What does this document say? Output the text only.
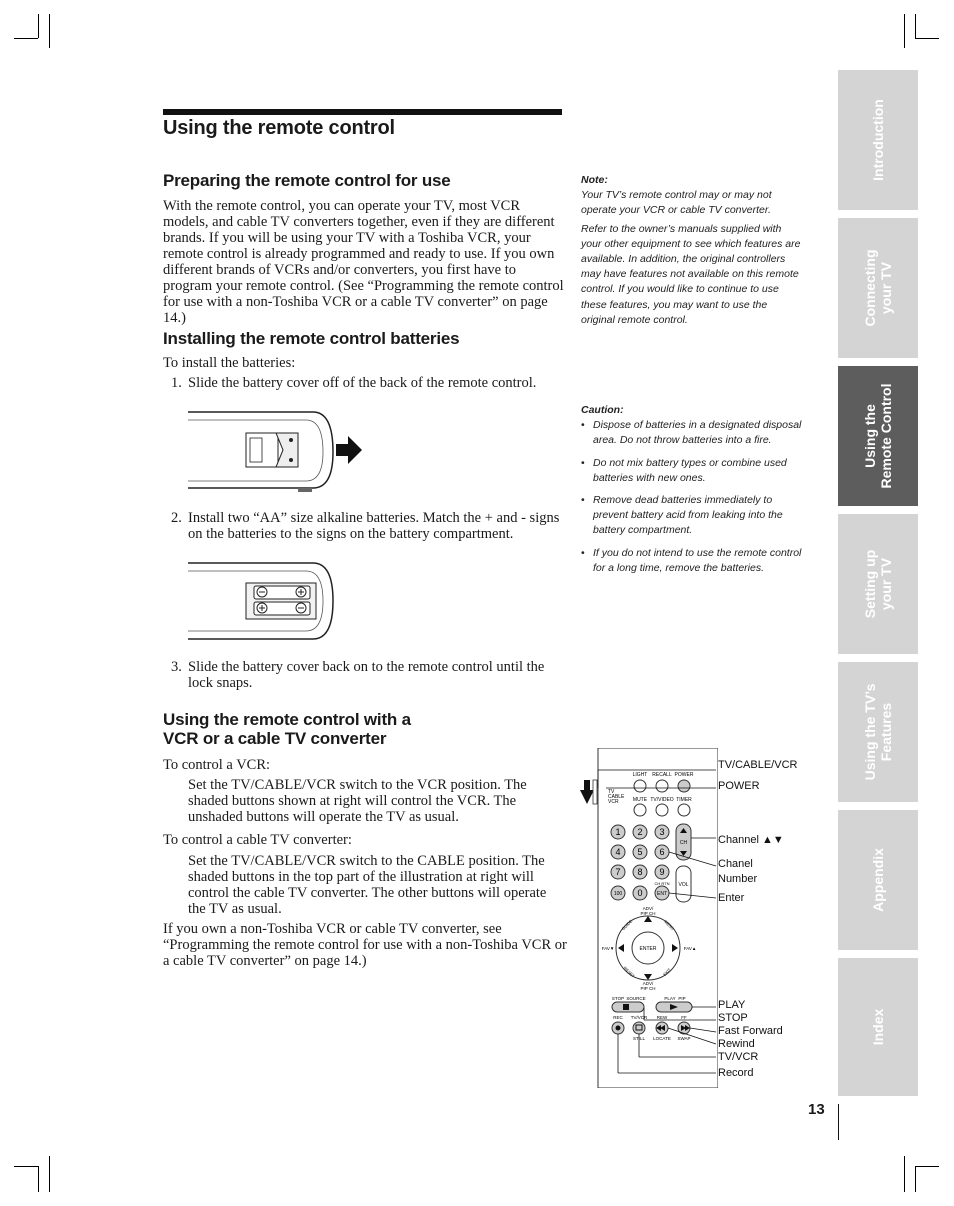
Using the remote control
Preparing the remote control for use
With the remote control, you can operate your TV, most VCR models, and cable TV converters together, even if they are different brands. If you will be using your TV with a Toshiba VCR, your remote control is already programmed and ready to use. If you own different brands of VCRs and/or converters, you first have to program your remote control. (See “Programming the remote control for use with a non-Toshiba VCR or a cable TV converter” on page 14.)
Installing the remote control batteries
To install the batteries:
1. Slide the battery cover off of the back of the remote control.
2. Install two “AA” size alkaline batteries. Match the + and - signs on the batteries to the signs on the battery compartment.
3. Slide the battery cover back on to the remote control until the lock snaps.
Using the remote control with a
VCR or a cable TV converter
To control a VCR:
Set the TV/CABLE/VCR switch to the VCR position. The shaded buttons shown at right will control the VCR. The unshaded buttons will operate the TV as usual.
To control a cable TV converter:
Set the TV/CABLE/VCR switch to the CABLE position. The shaded buttons in the top part of the illustration at right will control the cable TV converter. The other buttons will operate the TV as usual.
If you own a non-Toshiba VCR or cable TV converter, see “Programming the remote control for use with a non-Toshiba VCR or a cable TV converter” on page 14.)
Note:
Your TV’s remote control may or may not operate your VCR or cable TV converter.
Refer to the owner’s manuals supplied with your other equipment to see which features are available. In addition, the original controllers may have features not available on this remote control. If you would like to continue to use these features, you may want to use the original remote control.
Caution:
• Dispose of batteries in a designated disposal area. Do not throw batteries into a fire.
• Do not mix battery types or combine used batteries with new ones.
• Remove dead batteries immediately to prevent battery acid from leaking into the battery compartment.
• If you do not intend to use the remote control for a long time, remove the batteries.
Introduction
Connecting your TV
Using the Remote Control
Setting up your TV
Using the TV’s Features
Appendix
Index
13
TV
CABLE
VCR
LIGHT RECALL POWER
MUTE TV/VIDEO TIMER
1 2 3
4 5 6
7 8 9
100 0	ENT
CH
CH RTN VOL
ADV/
PIP CH
ENTER
FAV▼	FAV▲
GUIDE	MENU
RESET	EXIT
ADV/
PIP CH
STOP SOURCE	PLAY PIP
REC TV/VCR REW	FF
STILL LOCATE SWAP
TV/CABLE/VCR
POWER
Channel ▲▼
Chanel
Number
Enter
PLAY
STOP
Fast Forward
Rewind
TV/VCR
Record
